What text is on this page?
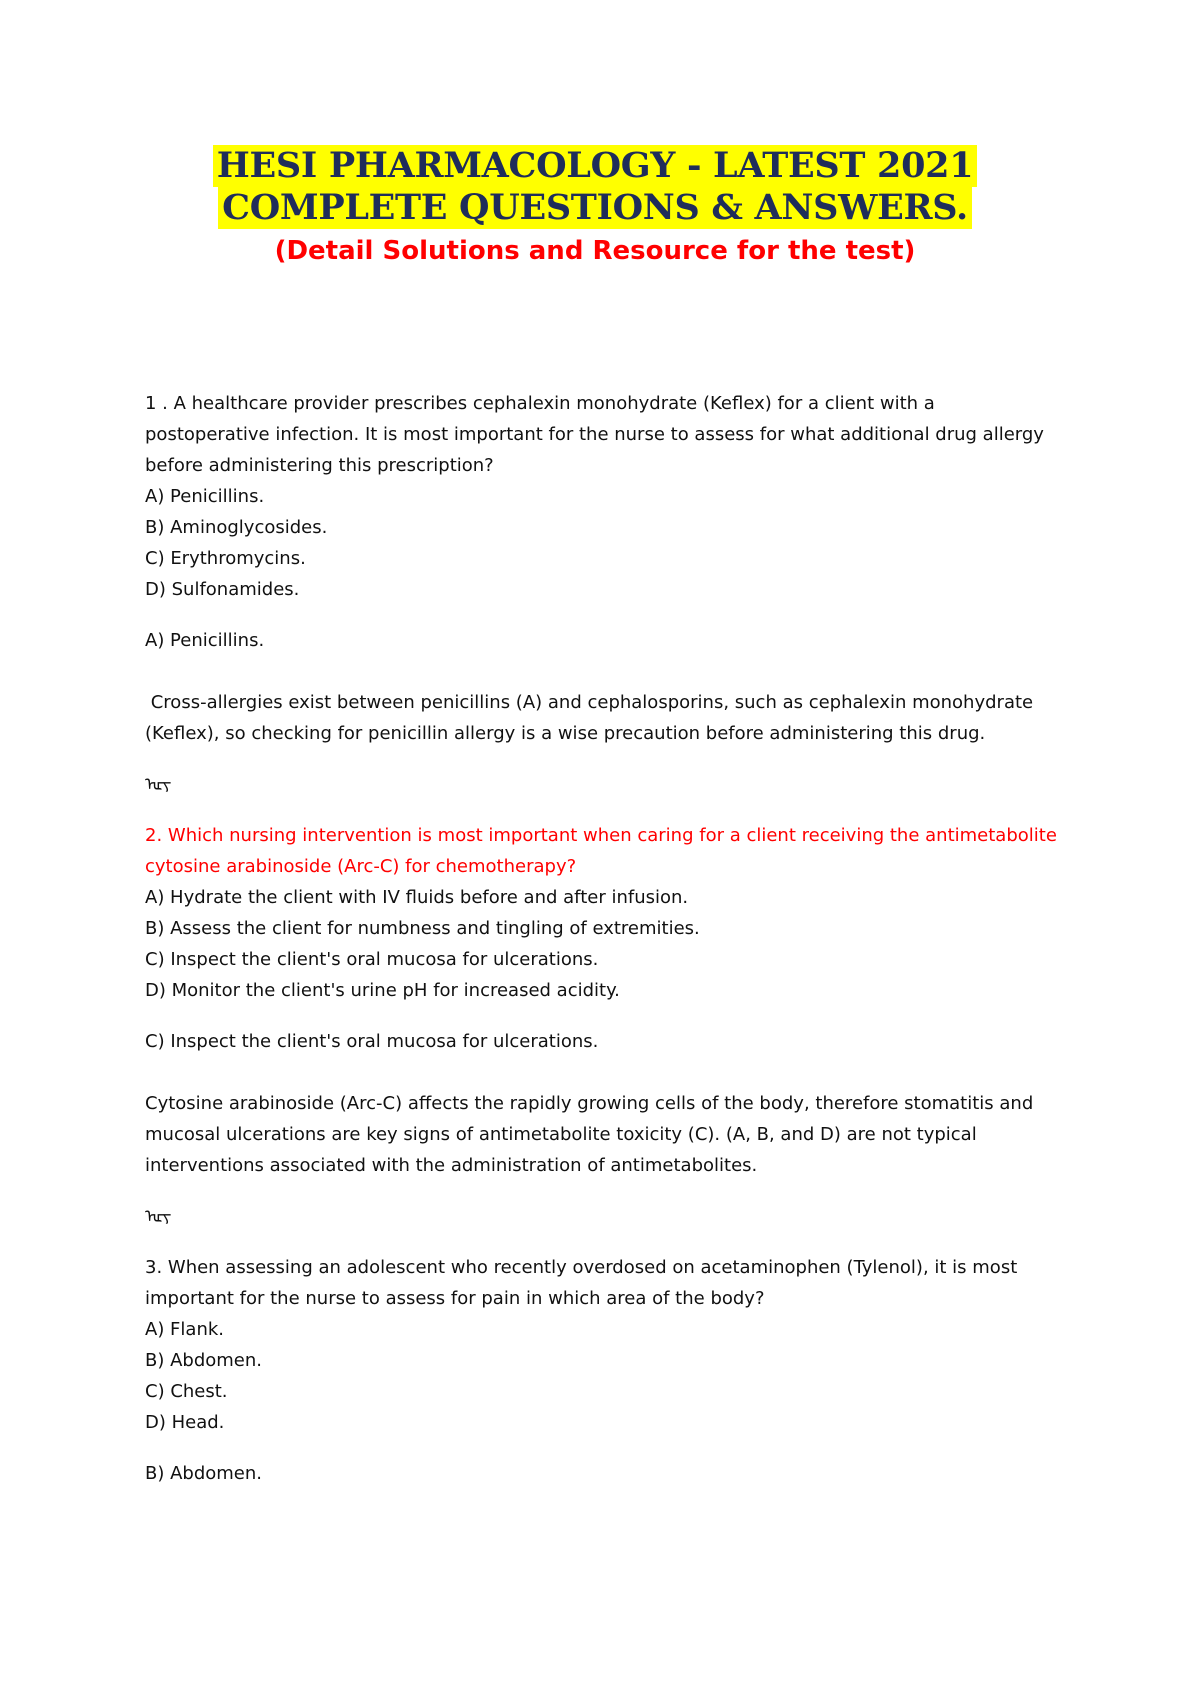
HESI PHARMACOLOGY - LATEST 2021
COMPLETE QUESTIONS & ANSWERS.
(Detail Solutions and Resource for the test)

1 . A healthcare provider prescribes cephalexin monohydrate (Keflex) for a client with a postoperative infection. It is most important for the nurse to assess for what additional drug allergy before administering this prescription?

A) Penicillins.

B) Aminoglycosides.

C) Erythromycins.

D) Sulfonamides.

A) Penicillins.

Cross-allergies exist between penicillins (A) and cephalosporins, such as cephalexin monohydrate (Keflex), so checking for penicillin allergy is a wise precaution before administering this drug.

ᡅᡪ

2. Which nursing intervention is most important when caring for a client receiving the antimetabolite cytosine arabinoside (Arc-C) for chemotherapy?

A) Hydrate the client with IV fluids before and after infusion.

B) Assess the client for numbness and tingling of extremities.

C) Inspect the client's oral mucosa for ulcerations.

D) Monitor the client's urine pH for increased acidity.

C) Inspect the client's oral mucosa for ulcerations.

Cytosine arabinoside (Arc-C) affects the rapidly growing cells of the body, therefore stomatitis and mucosal ulcerations are key signs of antimetabolite toxicity (C). (A, B, and D) are not typical interventions associated with the administration of antimetabolites.

ᡅᡪ

3. When assessing an adolescent who recently overdosed on acetaminophen (Tylenol), it is most important for the nurse to assess for pain in which area of the body?

A) Flank.

B) Abdomen.

C) Chest.

D) Head.

B) Abdomen.
